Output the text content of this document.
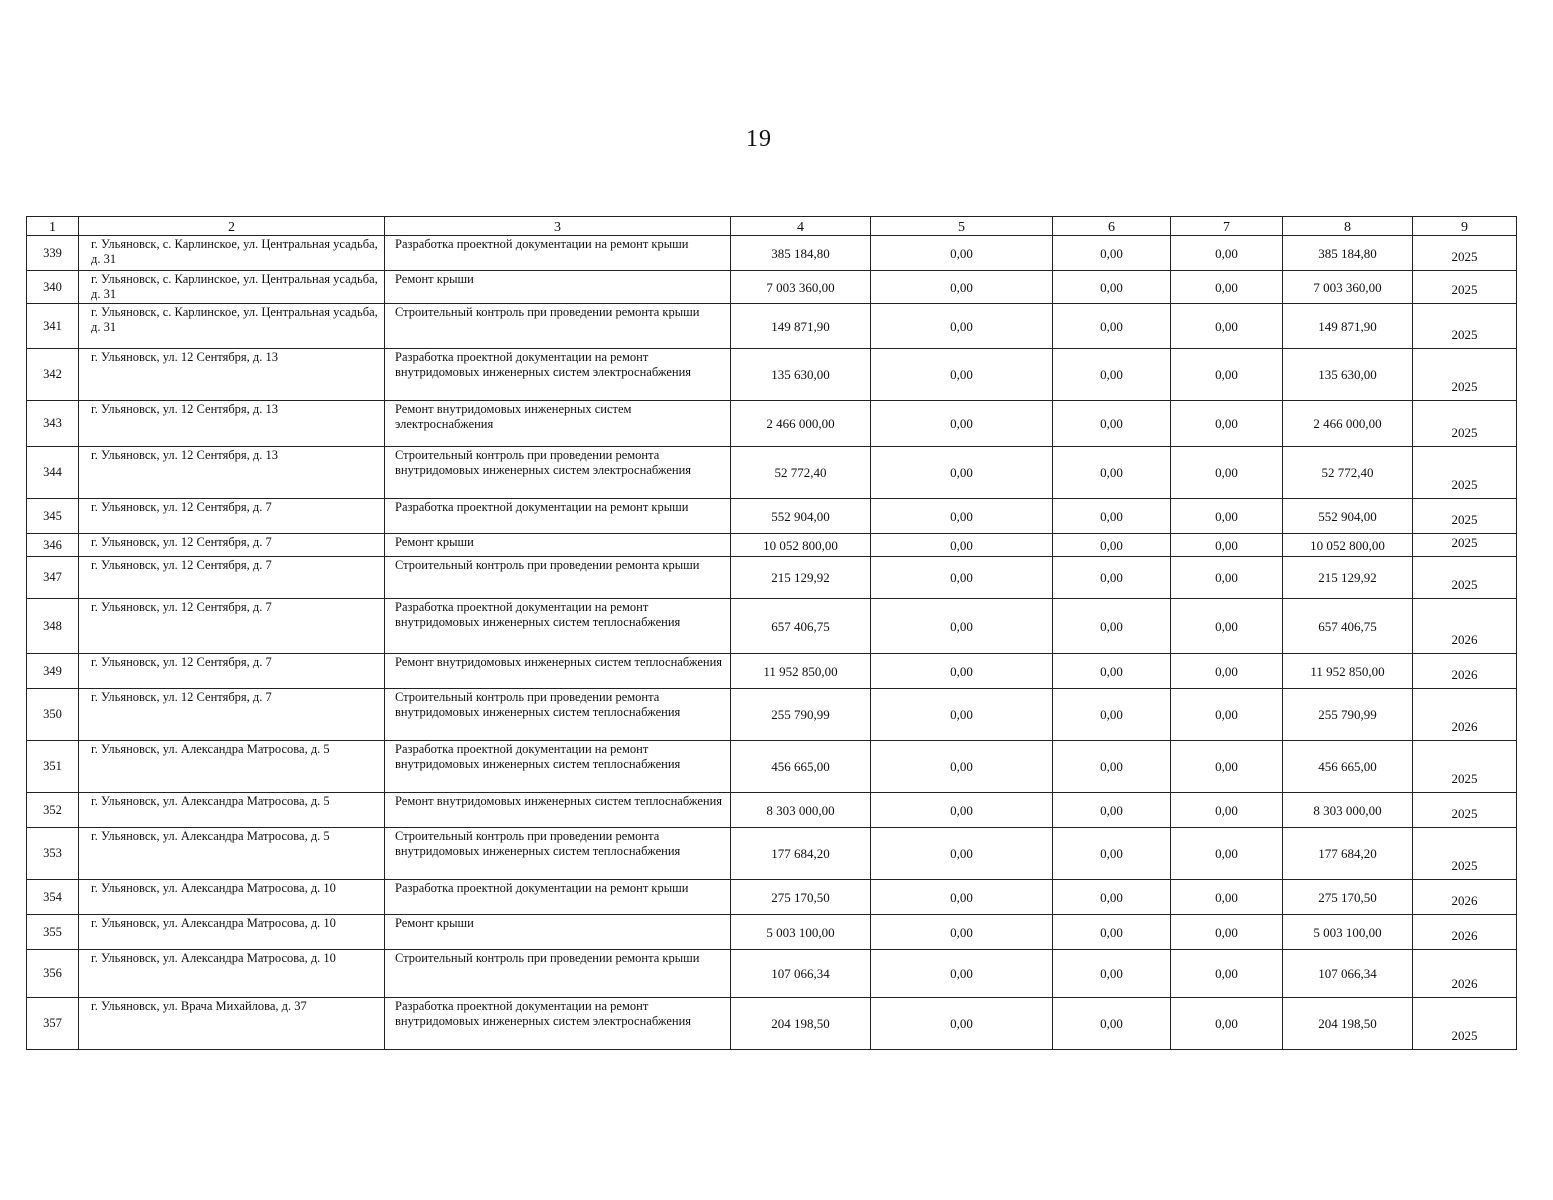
19
1	2	3	4	5	6	7	8	9
339	г. Ульяновск, с. Карлинское, ул. Центральная усадьба, д. 31	Разработка проектной документации на ремонт крыши	385 184,80	0,00	0,00	0,00	385 184,80	2025
340	г. Ульяновск, с. Карлинское, ул. Центральная усадьба, д. 31	Ремонт крыши	7 003 360,00	0,00	0,00	0,00	7 003 360,00	2025
341	г. Ульяновск, с. Карлинское, ул. Центральная усадьба, д. 31	Строительный контроль при проведении ремонта крыши	149 871,90	0,00	0,00	0,00	149 871,90	2025
342	г. Ульяновск, ул. 12 Сентября, д. 13	Разработка проектной документации на ремонт внутридомовых инженерных систем электроснабжения	135 630,00	0,00	0,00	0,00	135 630,00	2025
343	г. Ульяновск, ул. 12 Сентября, д. 13	Ремонт внутридомовых инженерных систем электроснабжения	2 466 000,00	0,00	0,00	0,00	2 466 000,00	2025
344	г. Ульяновск, ул. 12 Сентября, д. 13	Строительный контроль при проведении ремонта внутридомовых инженерных систем электроснабжения	52 772,40	0,00	0,00	0,00	52 772,40	2025
345	г. Ульяновск, ул. 12 Сентября, д. 7	Разработка проектной документации на ремонт крыши	552 904,00	0,00	0,00	0,00	552 904,00	2025
346	г. Ульяновск, ул. 12 Сентября, д. 7	Ремонт крыши	10 052 800,00	0,00	0,00	0,00	10 052 800,00	2025
347	г. Ульяновск, ул. 12 Сентября, д. 7	Строительный контроль при проведении ремонта крыши	215 129,92	0,00	0,00	0,00	215 129,92	2025
348	г. Ульяновск, ул. 12 Сентября, д. 7	Разработка проектной документации на ремонт внутридомовых инженерных систем теплоснабжения	657 406,75	0,00	0,00	0,00	657 406,75	2026
349	г. Ульяновск, ул. 12 Сентября, д. 7	Ремонт внутридомовых инженерных систем теплоснабжения	11 952 850,00	0,00	0,00	0,00	11 952 850,00	2026
350	г. Ульяновск, ул. 12 Сентября, д. 7	Строительный контроль при проведении ремонта внутридомовых инженерных систем теплоснабжения	255 790,99	0,00	0,00	0,00	255 790,99	2026
351	г. Ульяновск, ул. Александра Матросова, д. 5	Разработка проектной документации на ремонт внутридомовых инженерных систем теплоснабжения	456 665,00	0,00	0,00	0,00	456 665,00	2025
352	г. Ульяновск, ул. Александра Матросова, д. 5	Ремонт внутридомовых инженерных систем теплоснабжения	8 303 000,00	0,00	0,00	0,00	8 303 000,00	2025
353	г. Ульяновск, ул. Александра Матросова, д. 5	Строительный контроль при проведении ремонта внутридомовых инженерных систем теплоснабжения	177 684,20	0,00	0,00	0,00	177 684,20	2025
354	г. Ульяновск, ул. Александра Матросова, д. 10	Разработка проектной документации на ремонт крыши	275 170,50	0,00	0,00	0,00	275 170,50	2026
355	г. Ульяновск, ул. Александра Матросова, д. 10	Ремонт крыши	5 003 100,00	0,00	0,00	0,00	5 003 100,00	2026
356	г. Ульяновск, ул. Александра Матросова, д. 10	Строительный контроль при проведении ремонта крыши	107 066,34	0,00	0,00	0,00	107 066,34	2026
357	г. Ульяновск, ул. Врача Михайлова, д. 37	Разработка проектной документации на ремонт внутридомовых инженерных систем электроснабжения	204 198,50	0,00	0,00	0,00	204 198,50	2025
